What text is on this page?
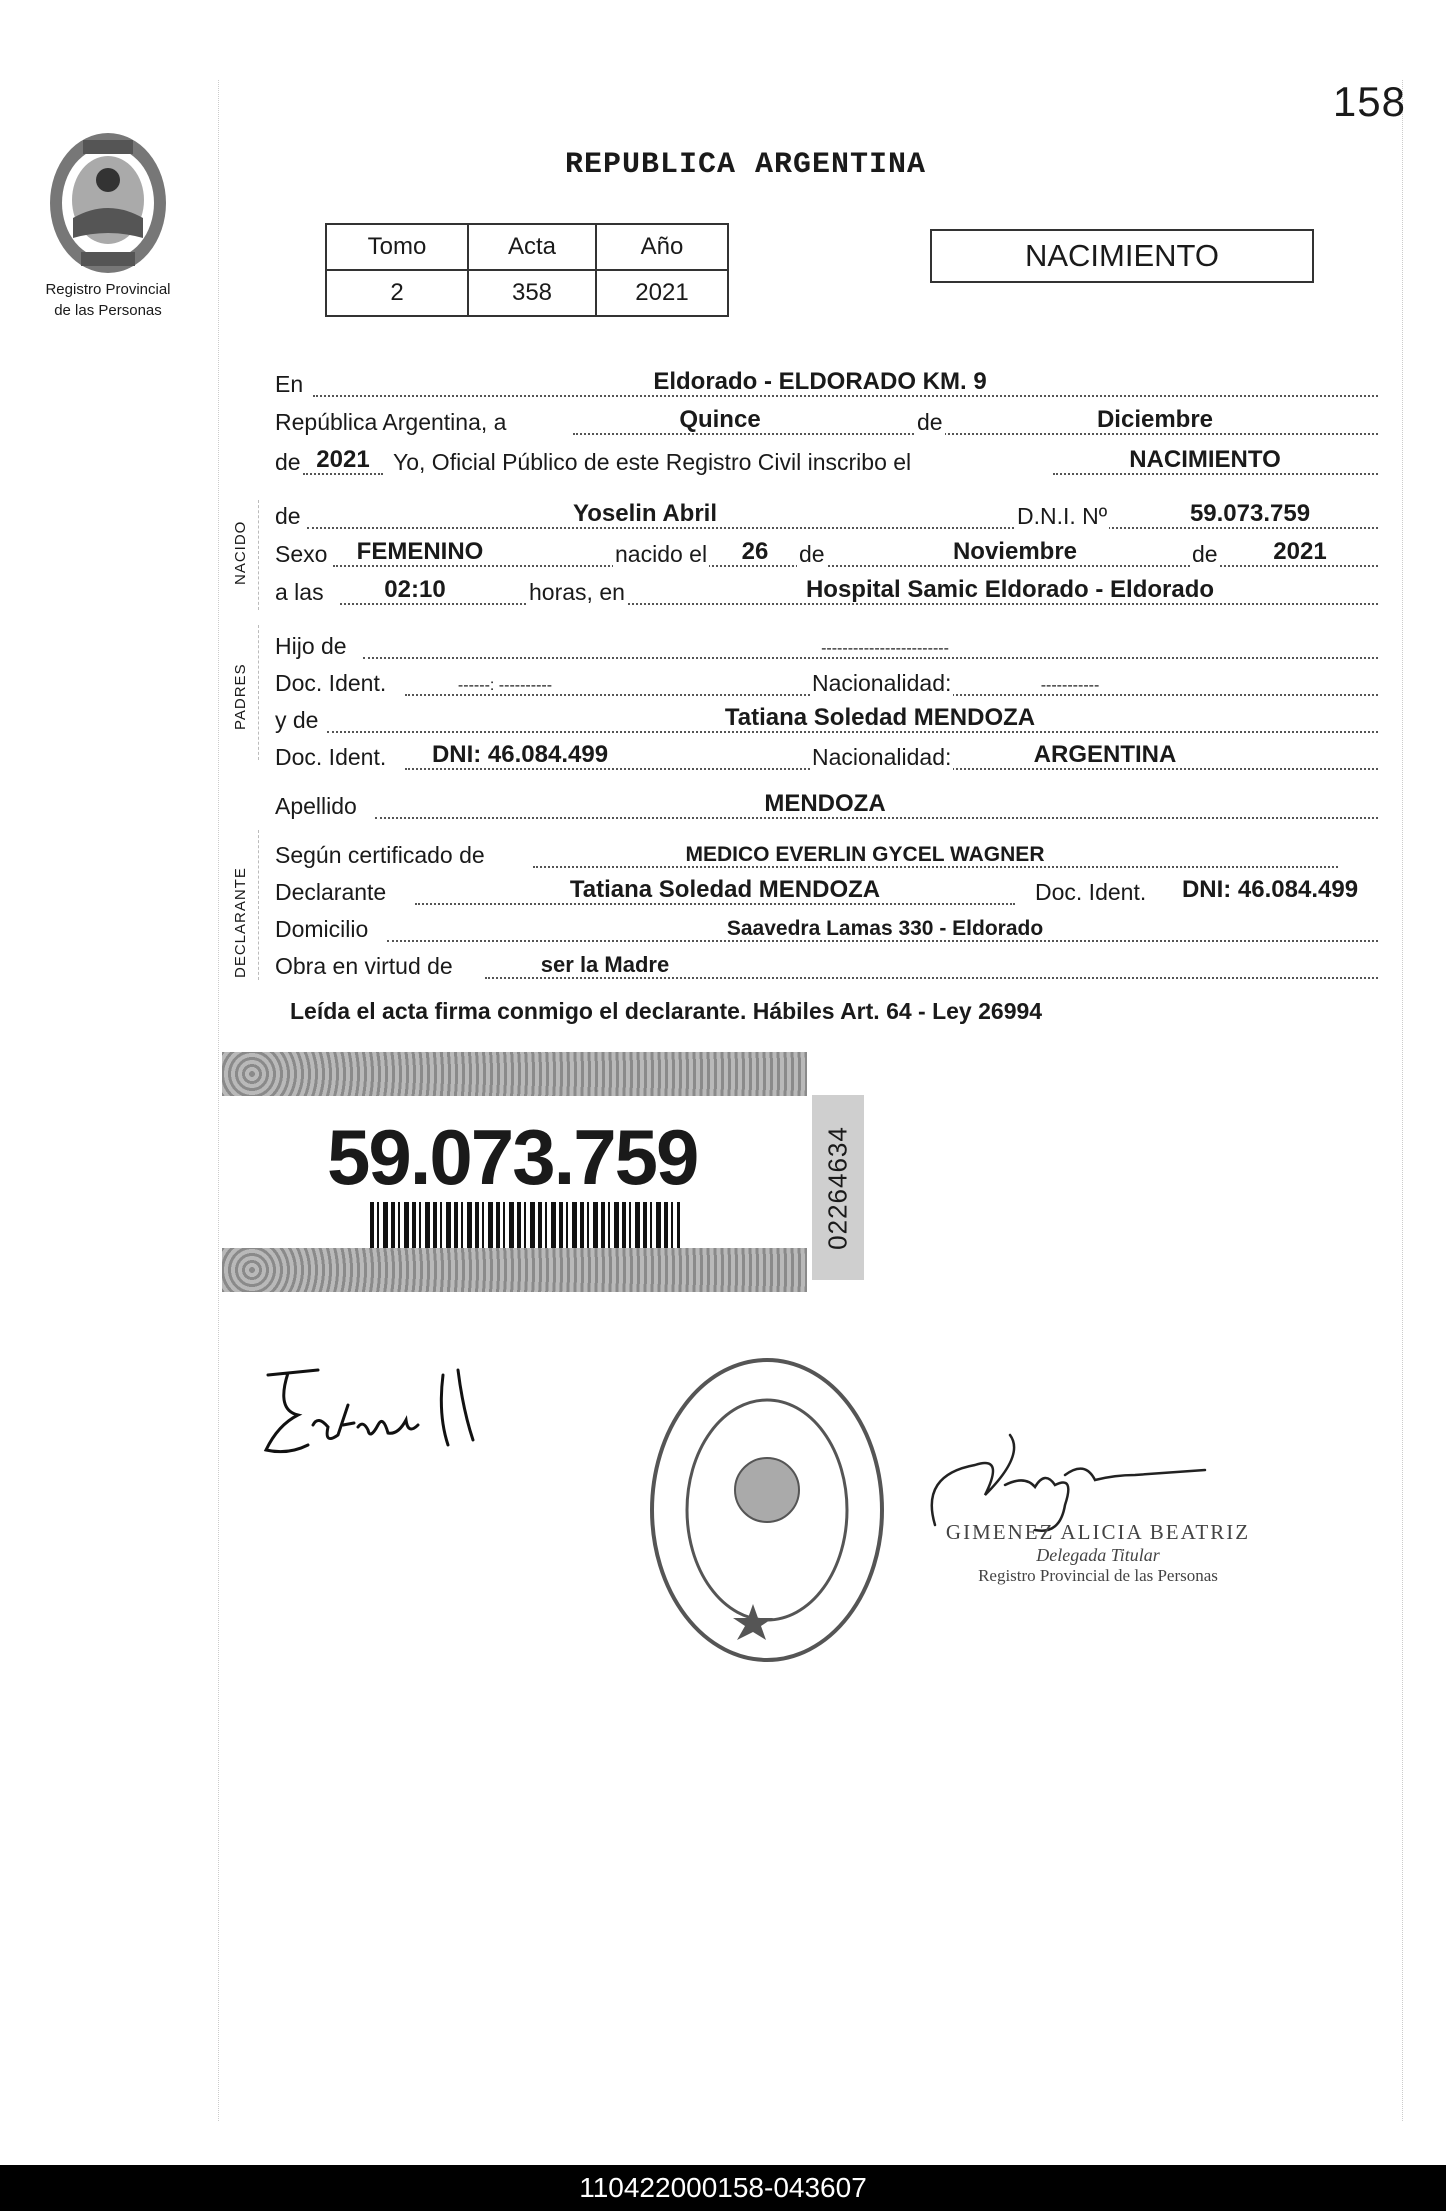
158
Registro Provincial
de las Personas
REPUBLICA ARGENTINA
Tomo	Acta	Año
2	358	2021
NACIMIENTO
En	Eldorado - ELDORADO KM. 9
República Argentina, a	Quince	de	Diciembre
de 2021	Yo, Oficial Público de este Registro Civil inscribo el	NACIMIENTO
NACIDO
de	Yoselin Abril	D.N.I. Nº	59.073.759
Sexo	FEMENINO	nacido el 26 de	Noviembre	de	2021
a las	02:10	horas, en	Hospital Samic Eldorado - Eldorado
PADRES
Hijo de	------------------------
Doc. Ident.	------: ----------	Nacionalidad:	-----------
y de	Tatiana Soledad MENDOZA
Doc. Ident.	DNI: 46.084.499	Nacionalidad:	ARGENTINA
Apellido	MENDOZA
DECLARANTE
Según certificado de	MEDICO EVERLIN GYCEL WAGNER
Declarante	Tatiana Soledad MENDOZA	Doc. Ident.	DNI: 46.084.499
Domicilio	Saavedra Lamas 330 - Eldorado
Obra en virtud de	ser la Madre
Leída el acta firma conmigo el declarante. Hábiles Art. 64 - Ley 26994
59.073.759	02264634
GIMENEZ ALICIA BEATRIZ
Delegada Titular
Registro Provincial de las Personas
110422000158-043607
